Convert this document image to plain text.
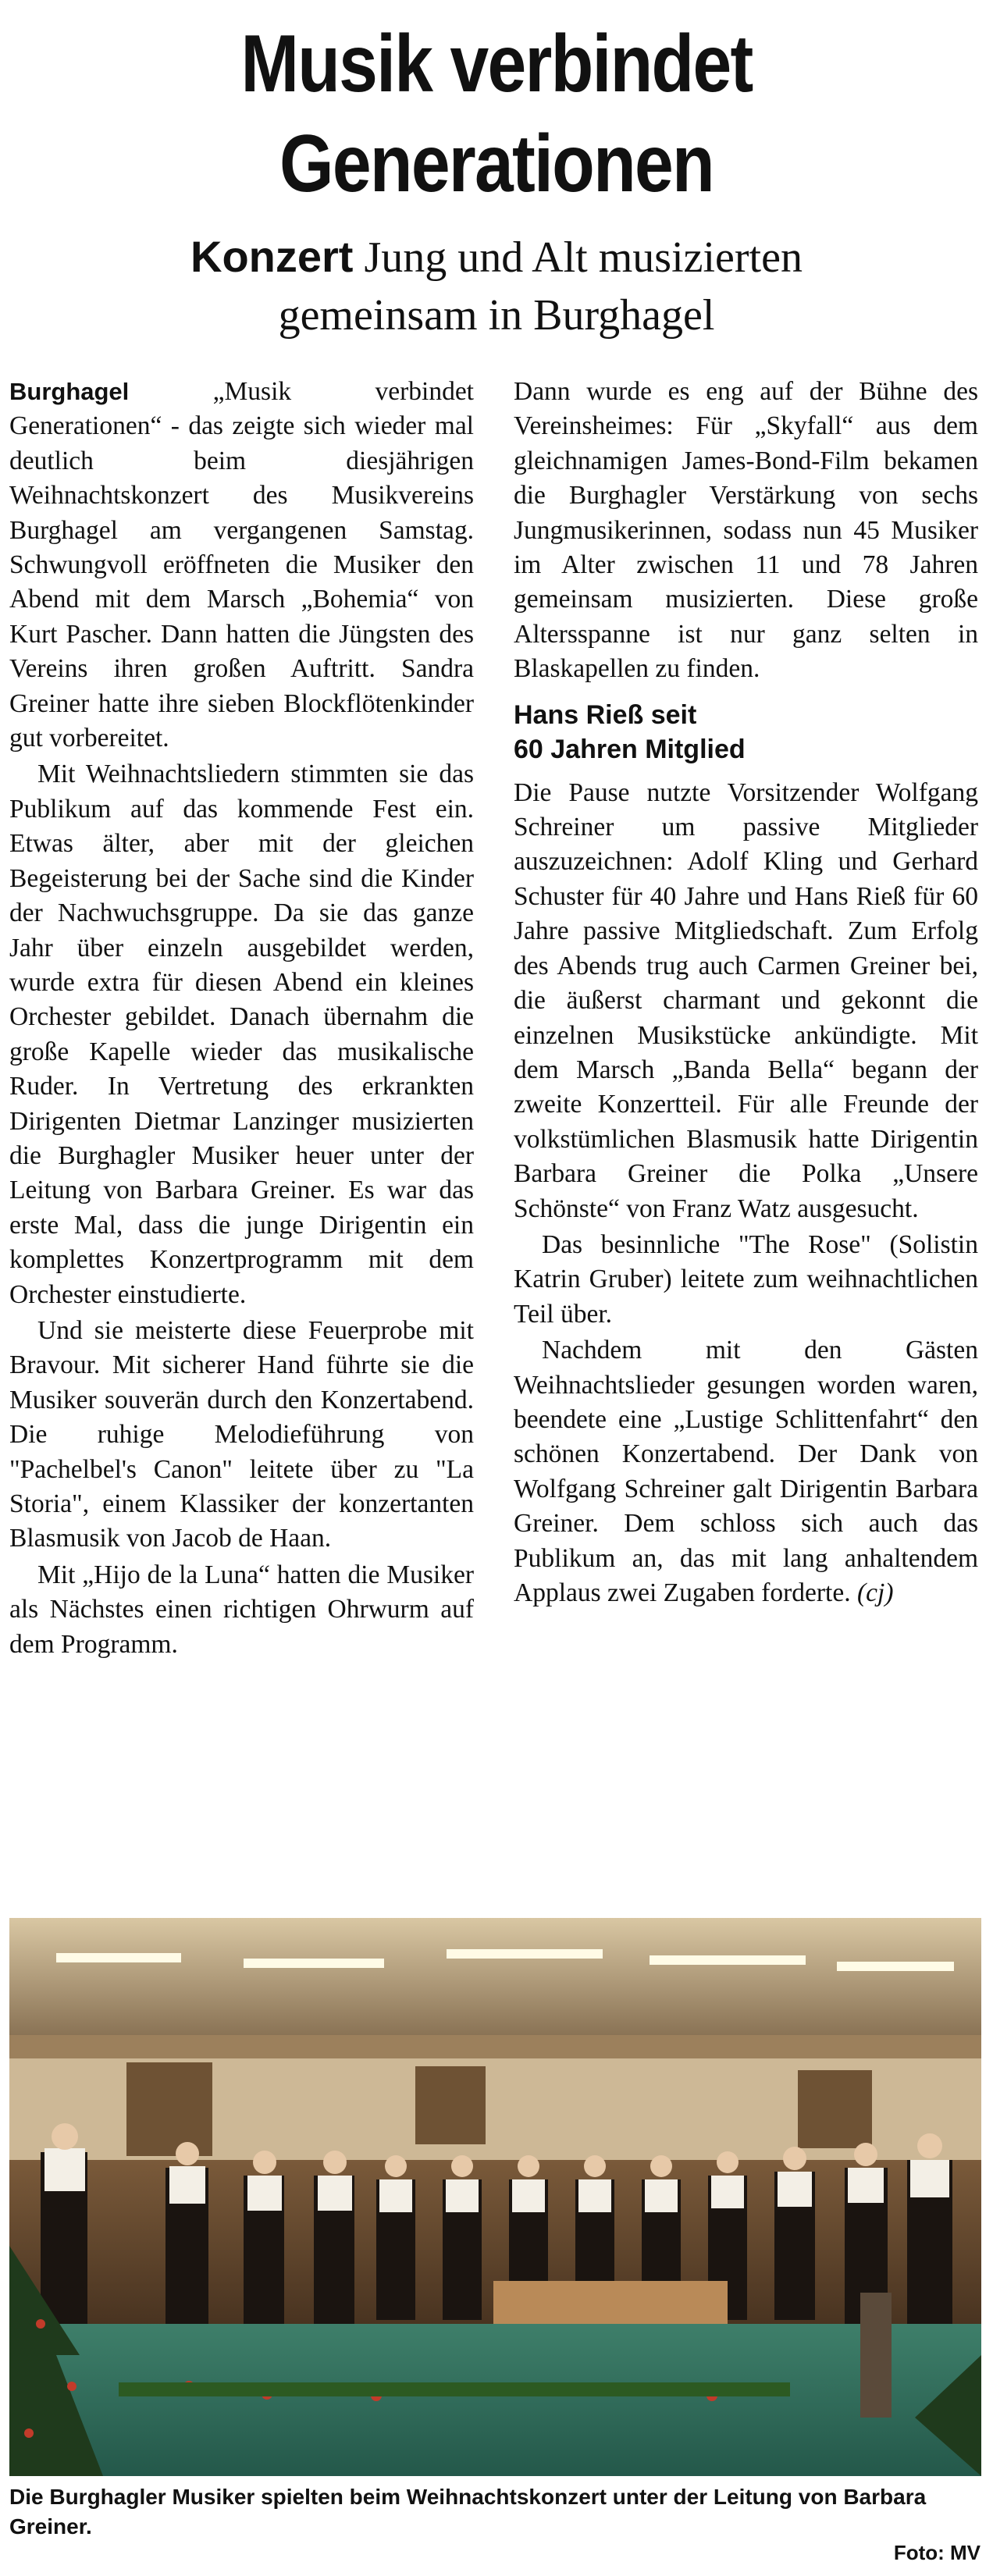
Musik verbindet
Generationen
Konzert Jung und Alt musizierten
gemeinsam in Burghagel

Burghagel „Musik verbindet Generationen“ - das zeigte sich wieder mal deutlich beim diesjährigen Weihnachtskonzert des Musikvereins Burghagel am vergangenen Samstag. Schwungvoll eröffneten die Musiker den Abend mit dem Marsch „Bohemia“ von Kurt Pascher. Dann hatten die Jüngsten des Vereins ihren großen Auftritt. Sandra Greiner hatte ihre sieben Blockflötenkinder gut vorbereitet.

Mit Weihnachtsliedern stimmten sie das Publikum auf das kommende Fest ein. Etwas älter, aber mit der gleichen Begeisterung bei der Sache sind die Kinder der Nachwuchsgruppe. Da sie das ganze Jahr über einzeln ausgebildet werden, wurde extra für diesen Abend ein kleines Orchester gebildet. Danach übernahm die große Kapelle wieder das musikalische Ruder. In Vertretung des erkrankten Dirigenten Dietmar Lanzinger musizierten die Burghagler Musiker heuer unter der Leitung von Barbara Greiner. Es war das erste Mal, dass die junge Dirigentin ein komplettes Konzertprogramm mit dem Orchester einstudierte.

Und sie meisterte diese Feuerprobe mit Bravour. Mit sicherer Hand führte sie die Musiker souverän durch den Konzertabend. Die ruhige Melodieführung von "Pachelbel's Canon" leitete über zu "La Storia", einem Klassiker der konzertanten Blasmusik von Jacob de Haan.

Mit „Hijo de la Luna“ hatten die Musiker als Nächstes einen richtigen Ohrwurm auf dem Programm.

Dann wurde es eng auf der Bühne des Vereinsheimes: Für „Skyfall“ aus dem gleichnamigen James-Bond-Film bekamen die Burghagler Verstärkung von sechs Jungmusikerinnen, sodass nun 45 Musiker im Alter zwischen 11 und 78 Jahren gemeinsam musizierten. Diese große Altersspanne ist nur ganz selten in Blaskapellen zu finden.

Hans Rieß seit
60 Jahren Mitglied

Die Pause nutzte Vorsitzender Wolfgang Schreiner um passive Mitglieder auszuzeichnen: Adolf Kling und Gerhard Schuster für 40 Jahre und Hans Rieß für 60 Jahre passive Mitgliedschaft. Zum Erfolg des Abends trug auch Carmen Greiner bei, die äußerst charmant und gekonnt die einzelnen Musikstücke ankündigte. Mit dem Marsch „Banda Bella“ begann der zweite Konzertteil. Für alle Freunde der volkstümlichen Blasmusik hatte Dirigentin Barbara Greiner die Polka „Unsere Schönste“ von Franz Watz ausgesucht.

Das besinnliche "The Rose" (Solistin Katrin Gruber) leitete zum weihnachtlichen Teil über.

Nachdem mit den Gästen Weihnachtslieder gesungen worden waren, beendete eine „Lustige Schlittenfahrt“ den schönen Konzertabend. Der Dank von Wolfgang Schreiner galt Dirigentin Barbara Greiner. Dem schloss sich auch das Publikum an, das mit lang anhaltendem Applaus zwei Zugaben forderte. (cj)

Die Burghagler Musiker spielten beim Weihnachtskonzert unter der Leitung von Barbara Greiner.
Foto: MV
